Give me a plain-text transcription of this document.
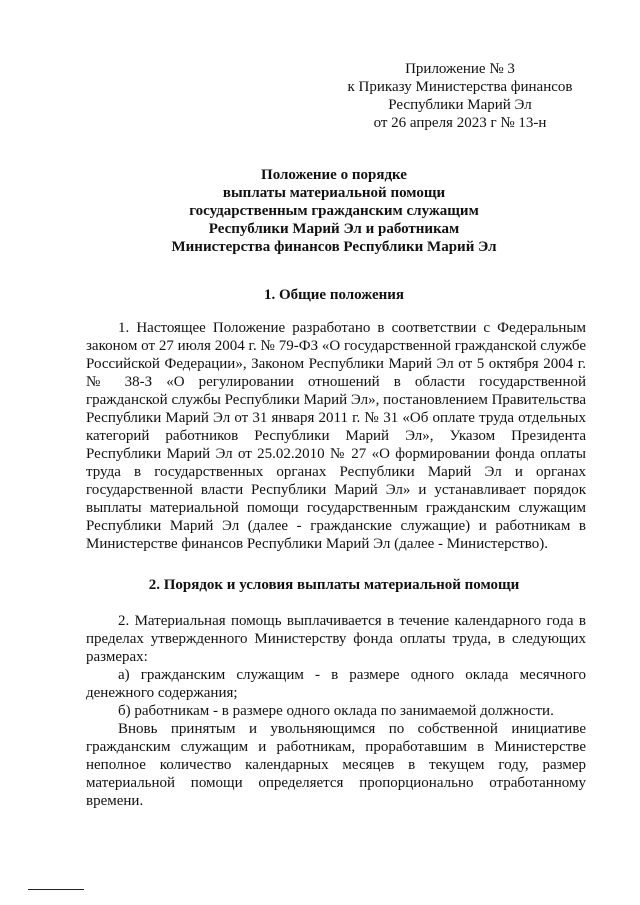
Приложение № 3
к Приказу Министерства финансов
Республики Марий Эл
от 26 апреля 2023 г № 13-н
Положение о порядке
выплаты материальной помощи
государственным гражданским служащим
Республики Марий Эл и работникам
Министерства финансов Республики Марий Эл
1. Общие положения
1. Настоящее Положение разработано в соответствии с Федеральным законом от 27 июля 2004 г. № 79-ФЗ «О государственной гражданской службе Российской Федерации», Законом Республики Марий Эл от 5 октября 2004 г. № 38-З «О регулировании отношений в области государственной гражданской службы Республики Марий Эл», постановлением Правительства Республики Марий Эл от 31 января 2011 г. № 31 «Об оплате труда отдельных категорий работников Республики Марий Эл», Указом Президента Республики Марий Эл от 25.02.2010 № 27 «О формировании фонда оплаты труда в государственных органах Республики Марий Эл и органах государственной власти Республики Марий Эл» и устанавливает порядок выплаты материальной помощи государственным гражданским служащим Республики Марий Эл (далее - гражданские служащие) и работникам в Министерстве финансов Республики Марий Эл (далее - Министерство).
2. Порядок и условия выплаты материальной помощи
2. Материальная помощь выплачивается в течение календарного года в пределах утвержденного Министерству фонда оплаты труда, в следующих размерах:
а) гражданским служащим - в размере одного оклада месячного денежного содержания;
б) работникам - в размере одного оклада по занимаемой должности.
Вновь принятым и увольняющимся по собственной инициативе гражданским служащим и работникам, проработавшим в Министерстве неполное количество календарных месяцев в текущем году, размер материальной помощи определяется пропорционально отработанному времени.
